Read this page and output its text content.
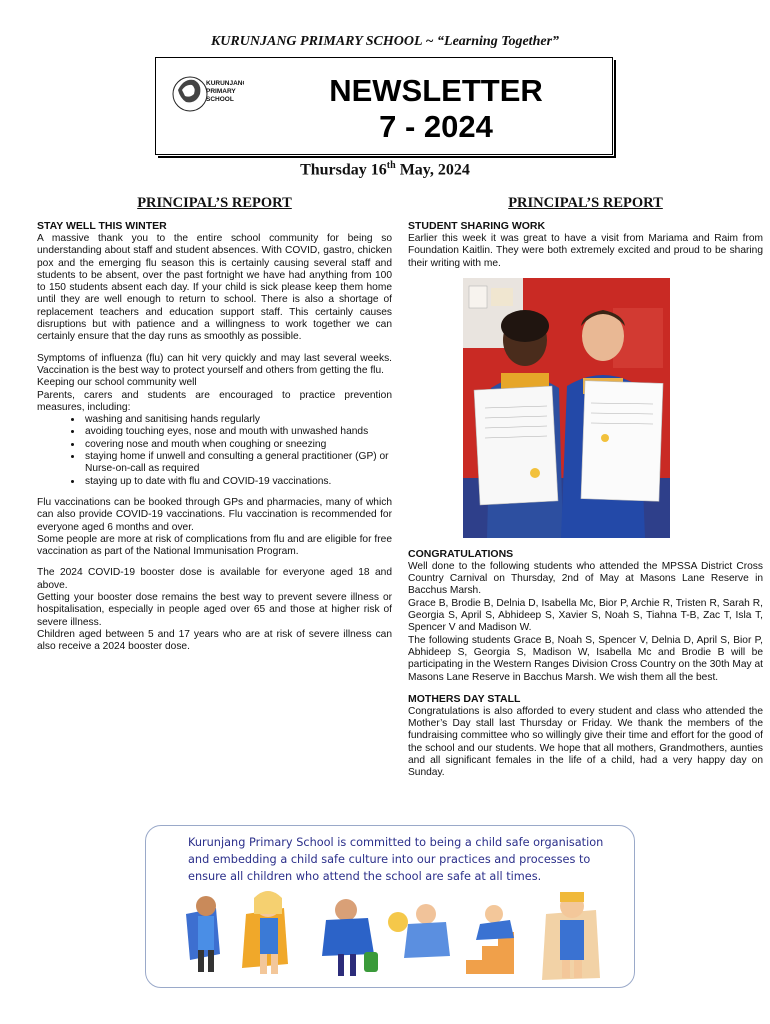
KURUNJANG PRIMARY SCHOOL ~ “Learning Together”
KURUNJANG
PRIMARY
SCHOOL	NEWSLETTER
7 - 2024
Thursday 16th May, 2024
PRINCIPAL’S REPORT
STAY WELL THIS WINTER

A massive thank you to the entire school community for being so understanding about staff and student absences. With COVID, gastro, chicken pox and the emerging flu season this is certainly causing several staff and students to be absent, over the past fortnight we have had anything from 100 to 150 students absent each day. If your child is sick please keep them home until they are well enough to return to school. There is also a shortage of replacement teachers and education support staff. This certainly causes disruptions but with patience and a willingness to work together we can certainly ensure that the day runs as smoothly as possible.

Symptoms of influenza (flu) can hit very quickly and may last several weeks. Vaccination is the best way to protect yourself and others from getting the flu.

Keeping our school community well

Parents, carers and students are encouraged to practice prevention measures, including:

• washing and sanitising hands regularly
• avoiding touching eyes, nose and mouth with unwashed hands
• covering nose and mouth when coughing or sneezing
• staying home if unwell and consulting a general practitioner (GP) or Nurse-on-call as required
• staying up to date with flu and COVID-19 vaccinations.

Flu vaccinations can be booked through GPs and pharmacies, many of which can also provide COVID-19 vaccinations. Flu vaccination is recommended for everyone aged 6 months and over.

Some people are more at risk of complications from flu and are eligible for free vaccination as part of the National Immunisation Program.

The 2024 COVID-19 booster dose is available for everyone aged 18 and above.

Getting your booster dose remains the best way to prevent severe illness or hospitalisation, especially in people aged over 65 and those at higher risk of severe illness.

Children aged between 5 and 17 years who are at risk of severe illness can also receive a 2024 booster dose.

PRINCIPAL’S REPORT
STUDENT SHARING WORK

Earlier this week it was great to have a visit from Mariama and Raim from Foundation Kaitlin. They were both extremely excited and proud to be sharing their writing with me.

CONGRATULATIONS

Well done to the following students who attended the MPSSA District Cross Country Carnival on Thursday, 2nd of May at Masons Lane Reserve in Bacchus Marsh.

Grace B, Brodie B, Delnia D, Isabella Mc, Bior P, Archie R, Tristen R, Sarah R, Georgia S, April S, Abhideep S, Xavier S, Noah S, Tiahna T-B, Zac T, Isla T, Spencer V and Madison W.

The following students Grace B, Noah S, Spencer V, Delnia D, April S, Bior P, Abhideep S, Georgia S, Madison W, Isabella Mc and Brodie B will be participating in the Western Ranges Division Cross Country on the 30th May at Masons Lane Reserve in Bacchus Marsh. We wish them all the best.

MOTHERS DAY STALL

Congratulations is also afforded to every student and class who attended the Mother’s Day stall last Thursday or Friday. We thank the members of the fundraising committee who so willingly give their time and effort for the good of the school and our students. We hope that all mothers, Grandmothers, aunties and all significant females in the life of a child, had a very happy day on Sunday.

Kurunjang Primary School is committed to being a child safe organisation
and embedding a child safe culture into our practices and processes to
ensure all children who attend the school are safe at all times.
